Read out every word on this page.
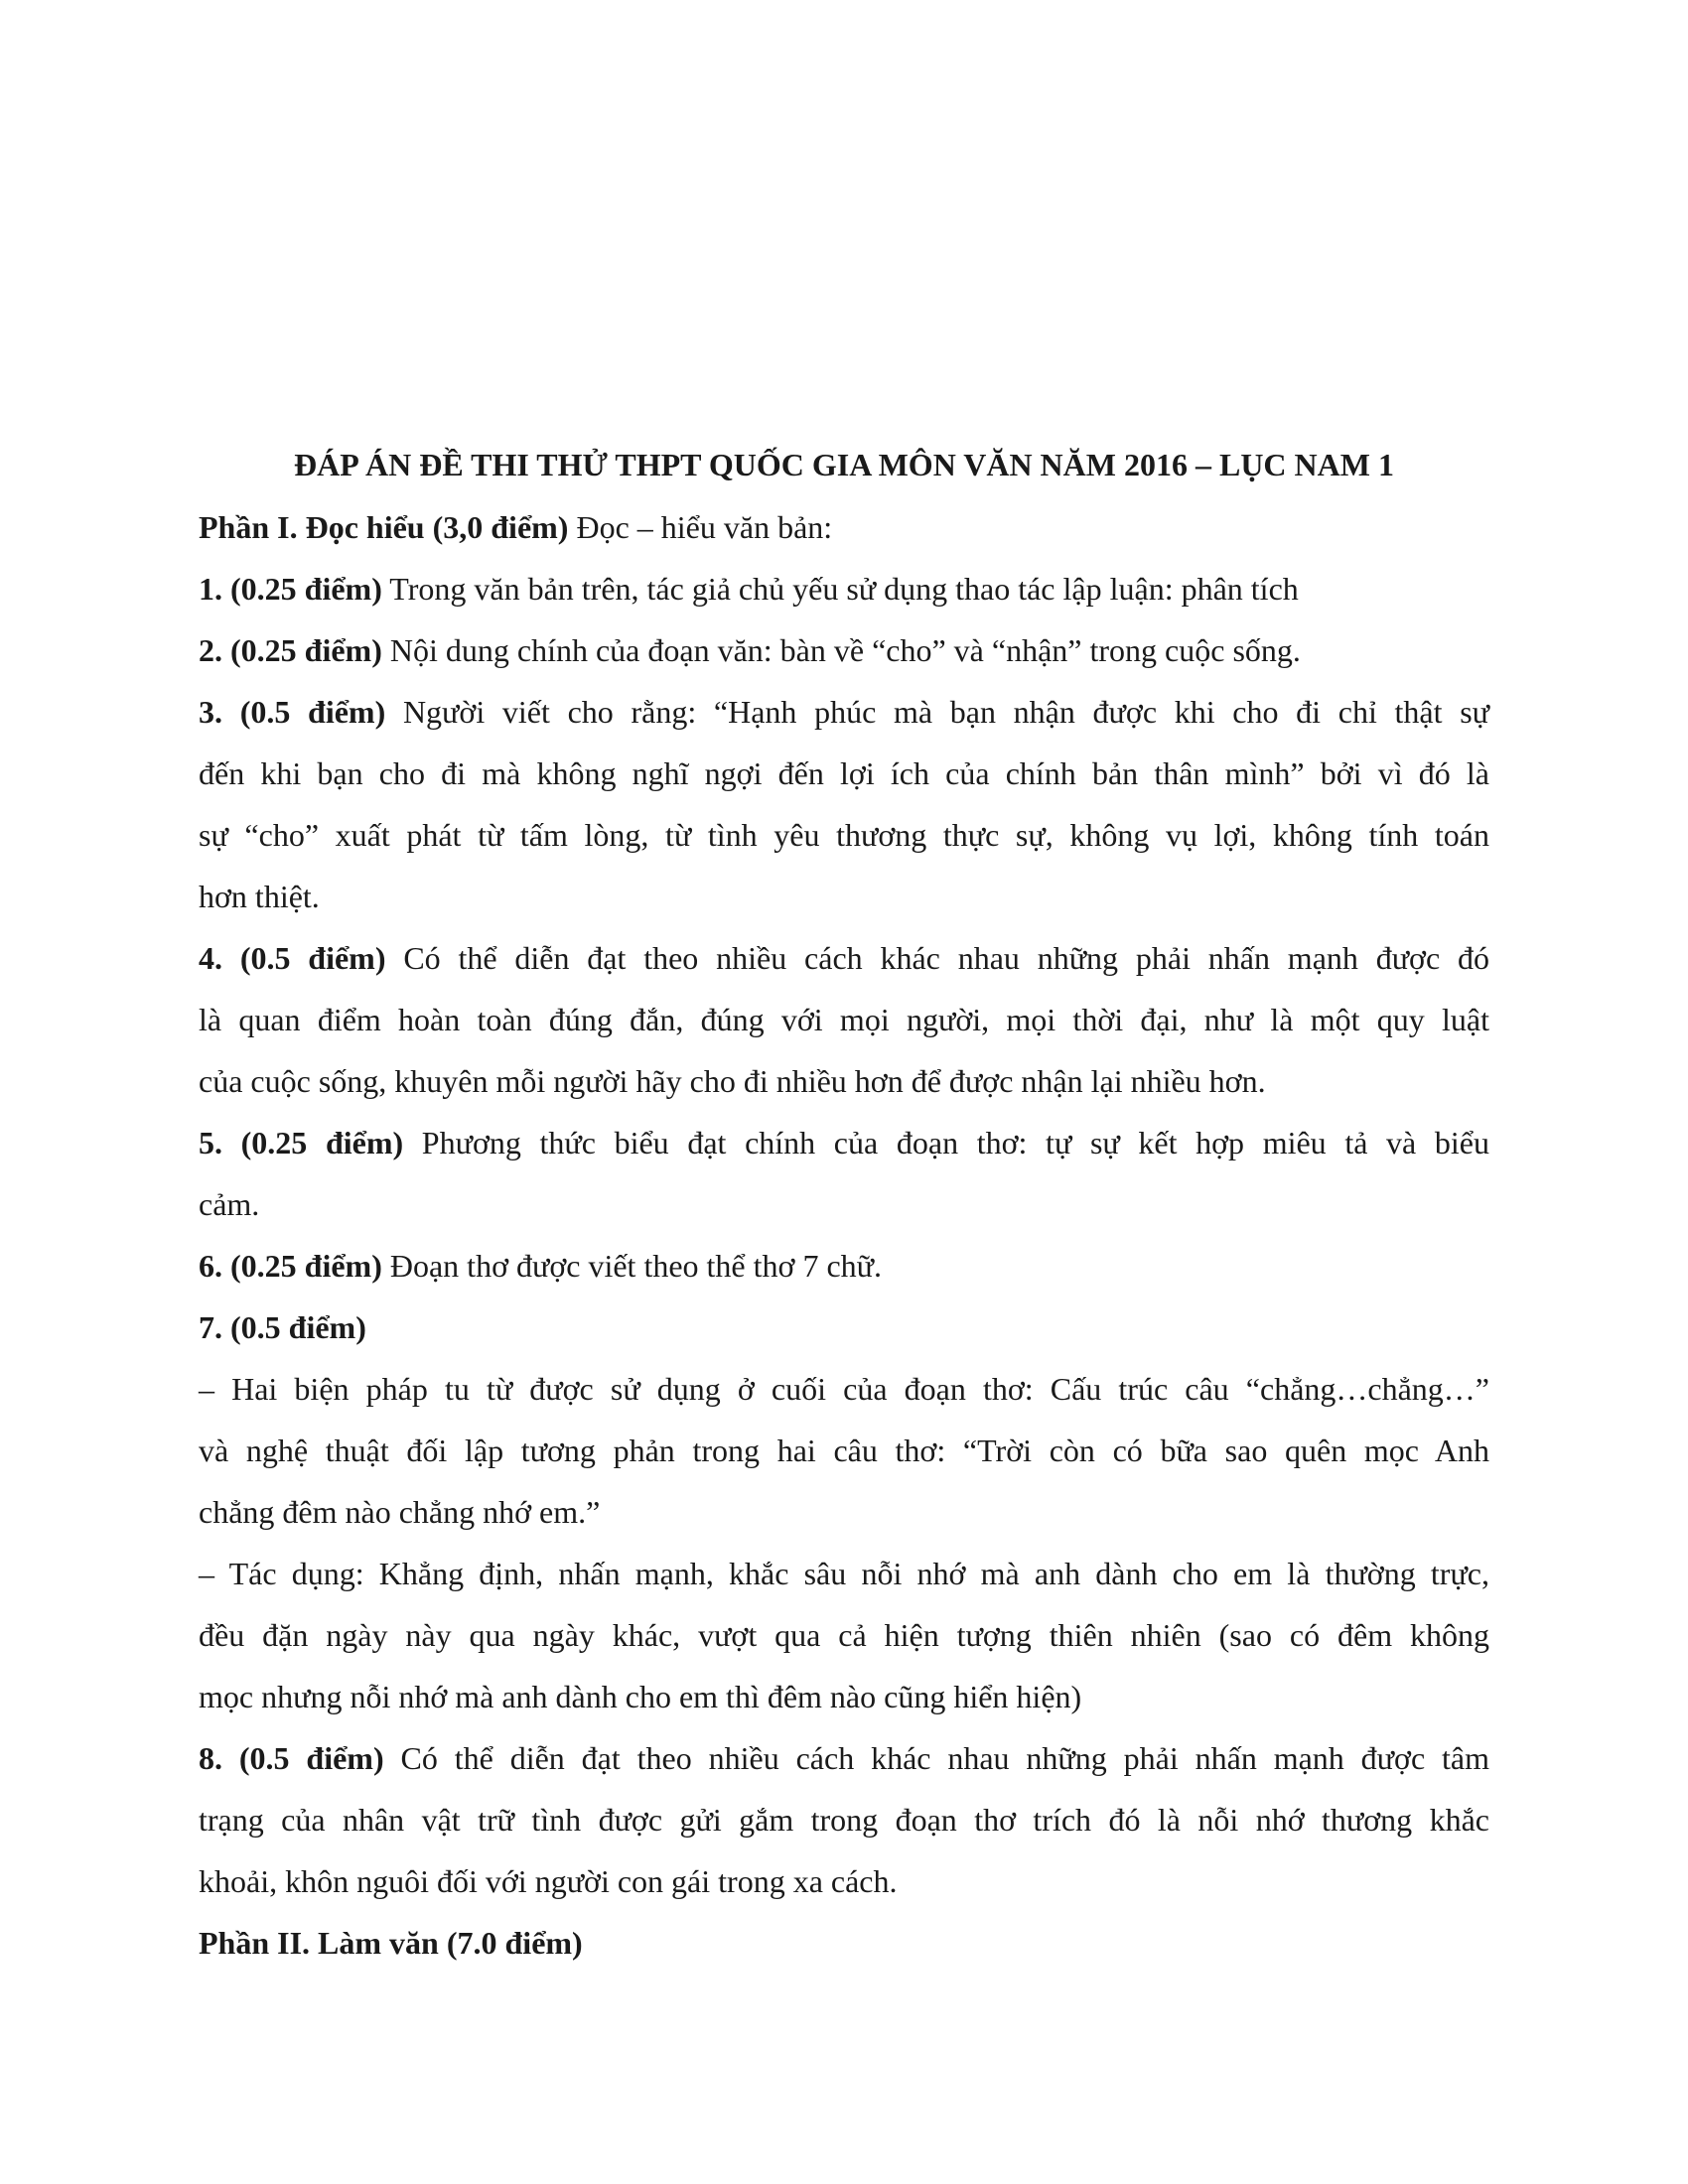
ĐÁP ÁN ĐỀ THI THỬ THPT QUỐC GIA MÔN VĂN NĂM 2016 – LỤC NAM 1
Phần I. Đọc hiểu (3,0 điểm) Đọc – hiểu văn bản:
1. (0.25 điểm) Trong văn bản trên, tác giả chủ yếu sử dụng thao tác lập luận: phân tích
2. (0.25 điểm) Nội dung chính của đoạn văn: bàn về “cho” và “nhận” trong cuộc sống.
3. (0.5 điểm) Người viết cho rằng: “Hạnh phúc mà bạn nhận được khi cho đi chỉ thật sự
đến khi bạn cho đi mà không nghĩ ngợi đến lợi ích của chính bản thân mình” bởi vì đó là
sự “cho” xuất phát từ tấm lòng, từ tình yêu thương thực sự, không vụ lợi, không tính toán
hơn thiệt.
4. (0.5 điểm) Có thể diễn đạt theo nhiều cách khác nhau những phải nhấn mạnh được đó
là quan điểm hoàn toàn đúng đắn, đúng với mọi người, mọi thời đại, như là một quy luật
của cuộc sống, khuyên mỗi người hãy cho đi nhiều hơn để được nhận lại nhiều hơn.
5. (0.25 điểm) Phương thức biểu đạt chính của đoạn thơ: tự sự kết hợp miêu tả và biểu
cảm.
6. (0.25 điểm) Đoạn thơ được viết theo thể thơ 7 chữ.
7. (0.5 điểm)
– Hai biện pháp tu từ được sử dụng ở cuối của đoạn thơ: Cấu trúc câu “chẳng…chẳng…”
và nghệ thuật đối lập tương phản trong hai câu thơ: “Trời còn có bữa sao quên mọc Anh
chẳng đêm nào chẳng nhớ em.”
– Tác dụng: Khẳng định, nhấn mạnh, khắc sâu nỗi nhớ mà anh dành cho em là thường trực,
đều đặn ngày này qua ngày khác, vượt qua cả hiện tượng thiên nhiên (sao có đêm không
mọc nhưng nỗi nhớ mà anh dành cho em thì đêm nào cũng hiển hiện)
8. (0.5 điểm) Có thể diễn đạt theo nhiều cách khác nhau những phải nhấn mạnh được tâm
trạng của nhân vật trữ tình được gửi gắm trong đoạn thơ trích đó là nỗi nhớ thương khắc
khoải, khôn nguôi đối với người con gái trong xa cách.
Phần II. Làm văn (7.0 điểm)
